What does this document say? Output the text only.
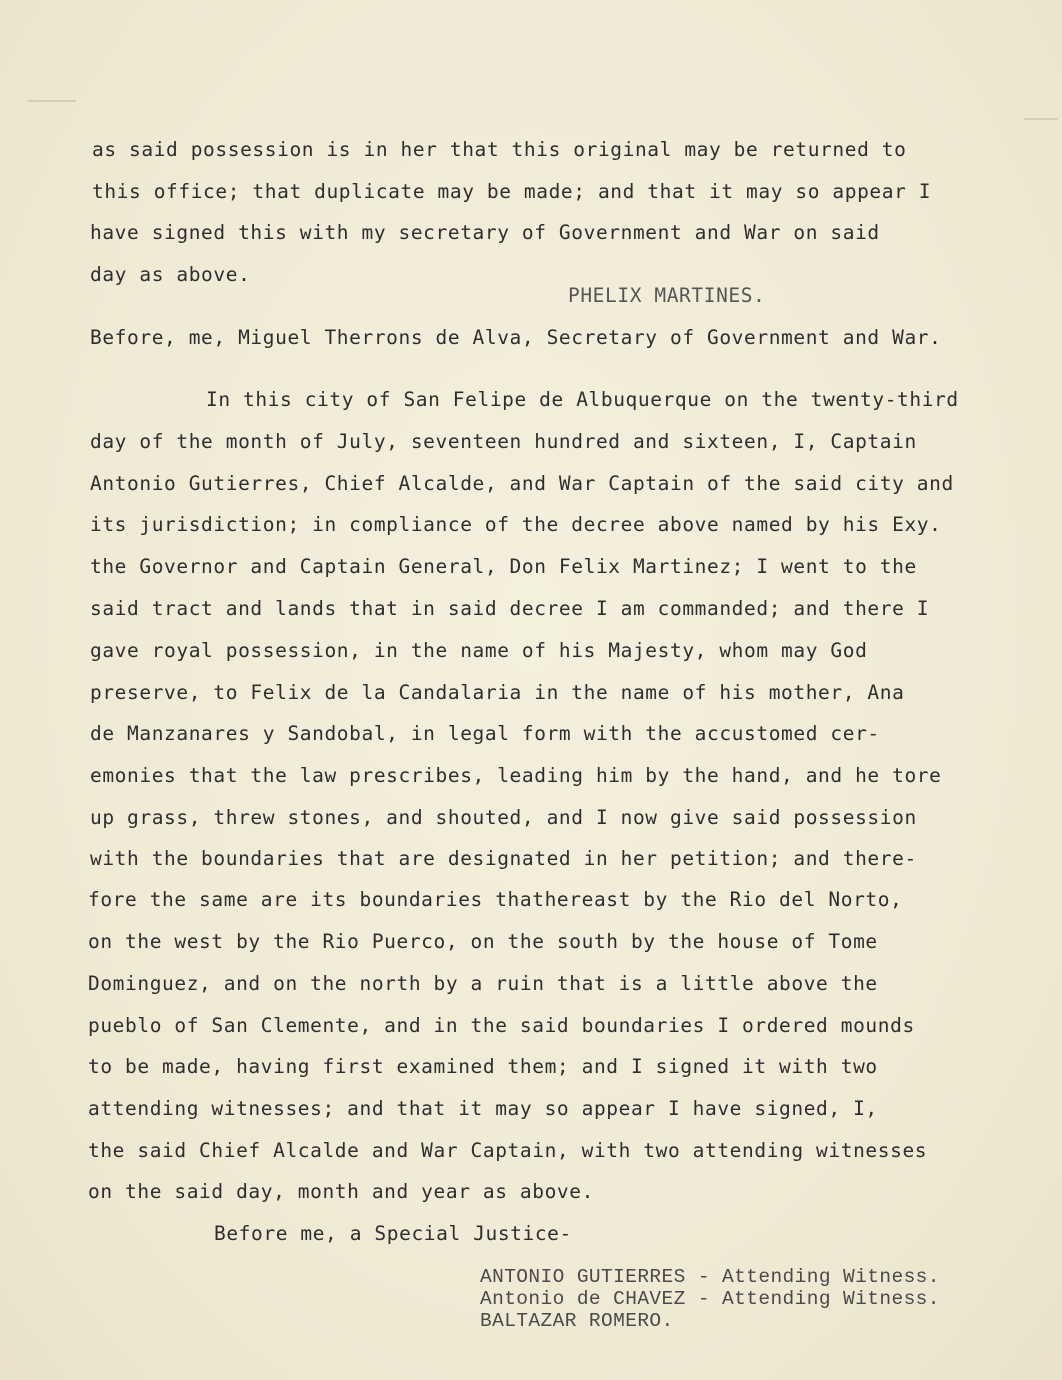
as said possession is in her that this original may be returned to
this office; that duplicate may be made; and that it may so appear I
have signed this with my secretary of Government and War on said
day as above.
PHELIX MARTINES.
Before, me, Miguel Therrons de Alva, Secretary of Government and War.
In this city of San Felipe de Albuquerque on the twenty-third
day of the month of July, seventeen hundred and sixteen, I, Captain
Antonio Gutierres, Chief Alcalde, and War Captain of the said city and
its jurisdiction; in compliance of the decree above named by his Exy.
the Governor and Captain General, Don Felix Martinez; I went to the
said tract and lands that in said decree I am commanded; and there I
gave royal possession, in the name of his Majesty, whom may God
preserve, to Felix de la Candalaria in the name of his mother, Ana
de Manzanares y Sandobal, in legal form with the accustomed cer-
emonies that the law prescribes, leading him by the hand, and he tore
up grass, threw stones, and shouted, and I now give said possession
with the boundaries that are designated in her petition; and there-
fore the same are its boundaries thathereast by the Rio del Norto,
on the west by the Rio Puerco, on the south by the house of Tome
Dominguez, and on the north by a ruin that is a little above the
pueblo of San Clemente, and in the said boundaries I ordered mounds
to be made, having first examined them; and I signed it with two
attending witnesses; and that it may so appear I have signed, I,
the said Chief Alcalde and War Captain, with two attending witnesses
on the said day, month and year as above.
Before me, a Special Justice-
ANTONIO GUTIERRES - Attending Witness.
Antonio de CHAVEZ - Attending Witness.
BALTAZAR ROMERO.
